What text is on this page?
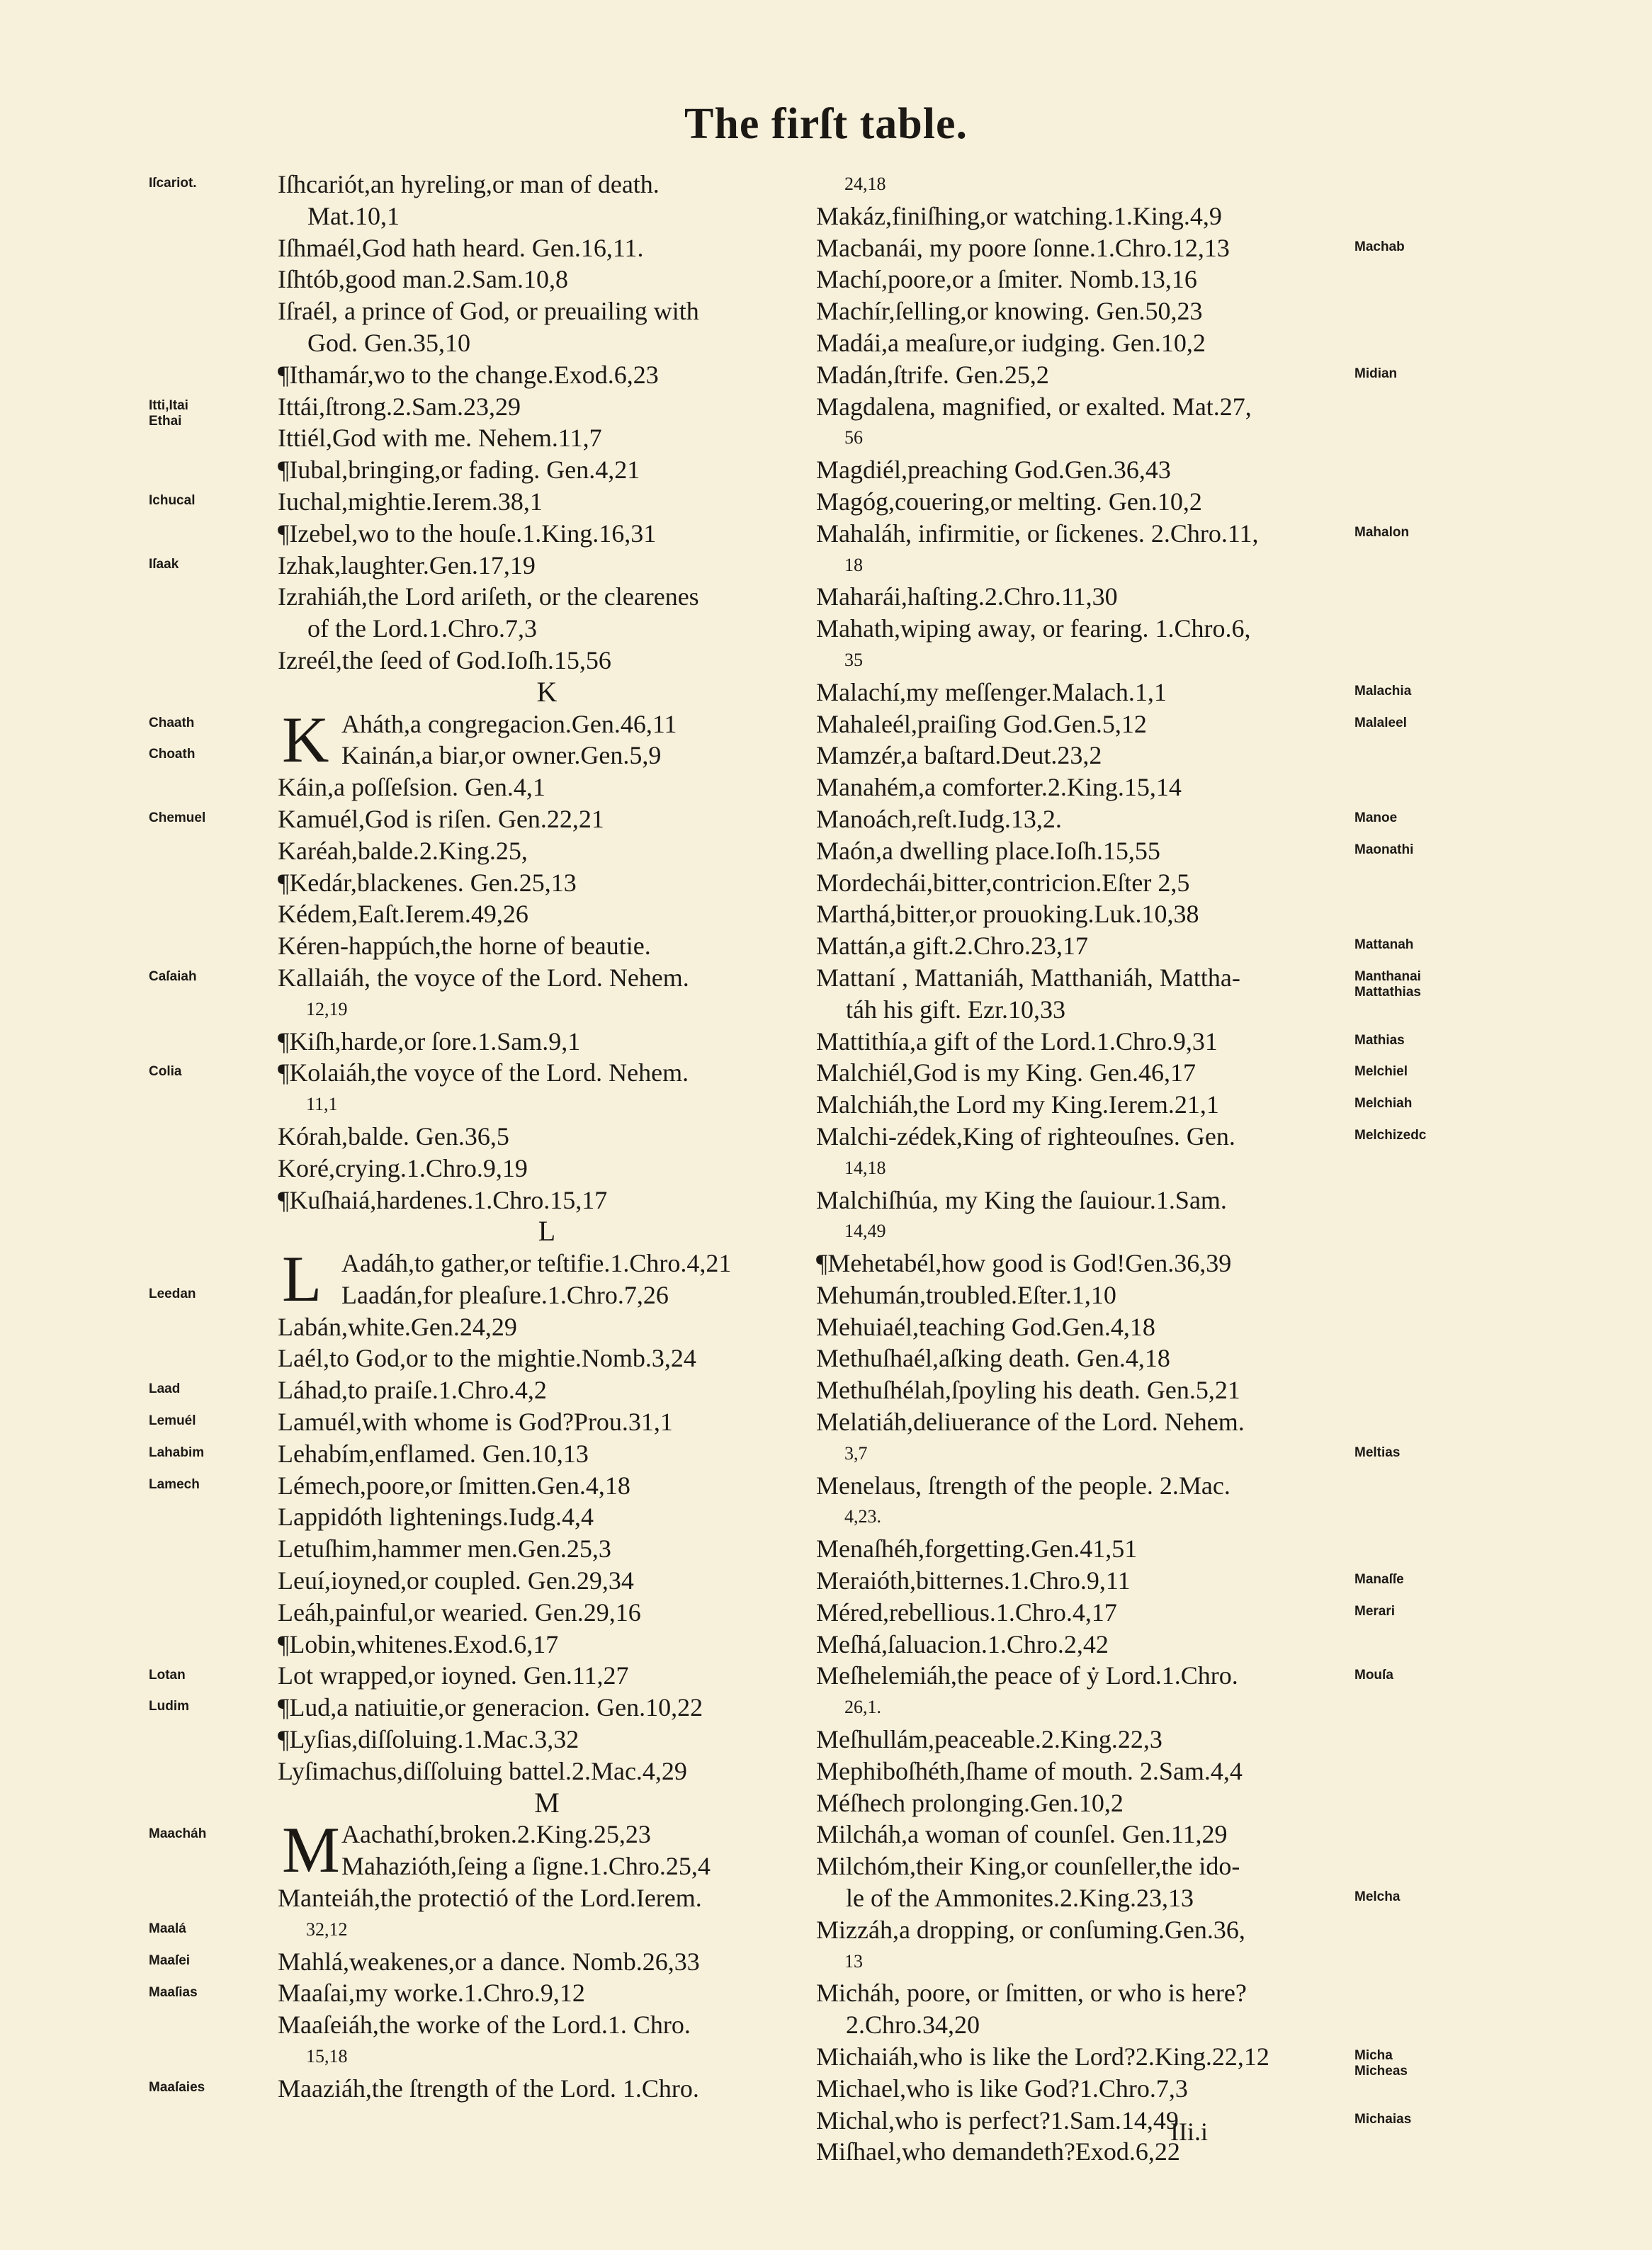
The firſt table.
Iſcariot.
Itti,Itai
Ethai
Ichucal
Iſaak
Chaath
Choath
Chemuel
Caſaiah
Colia
Leedan
Laad
Lemuél
Lahabim
Lamech
Lotan
Ludim
Maacháh
Maalá
Maaſei
Maaſias
Maaſaies
Iſhcariót,an hyreling,or man of death.
Mat.10,1
Iſhmaél,God hath heard. Gen.16,11.
Iſhtób,good man.2.Sam.10,8
Iſraél, a prince of God, or preuailing with
God. Gen.35,10
¶Ithamár,wo to the change.Exod.6,23
Ittái,ſtrong.2.Sam.23,29
Ittiél,God with me. Nehem.11,7
¶Iubal,bringing,or fading. Gen.4,21
Iuchal,mightie.Ierem.38,1
¶Izebel,wo to the houſe.1.King.16,31
Izhak,laughter.Gen.17,19
Izrahiáh,the Lord ariſeth, or the clearenes
of the Lord.1.Chro.7,3
Izreél,the ſeed of God.Ioſh.15,56
K
K Aháth,a congregacion.Gen.46,11
Kainán,a biar,or owner.Gen.5,9
Káin,a poſſeſsion. Gen.4,1
Kamuél,God is riſen. Gen.22,21
Karéah,balde.2.King.25,
¶Kedár,blackenes. Gen.25,13
Kédem,Eaſt.Ierem.49,26
Kéren-happúch,the horne of beautie.
Kallaiáh, the voyce of the Lord. Nehem.
12,19
¶Kiſh,harde,or ſore.1.Sam.9,1
¶Kolaiáh,the voyce of the Lord. Nehem.
11,1
Kórah,balde. Gen.36,5
Koré,crying.1.Chro.9,19
¶Kuſhaiá,hardenes.1.Chro.15,17
L
L Aadáh,to gather,or teſtifie.1.Chro.4,21
Laadán,for pleaſure.1.Chro.7,26
Labán,white.Gen.24,29
Laél,to God,or to the mightie.Nomb.3,24
Láhad,to praiſe.1.Chro.4,2
Lamuél,with whome is God?Prou.31,1
Lehabím,enflamed. Gen.10,13
Lémech,poore,or ſmitten.Gen.4,18
Lappidóth lightenings.Iudg.4,4
Letuſhim,hammer men.Gen.25,3
Leuí,ioyned,or coupled. Gen.29,34
Leáh,painful,or wearied. Gen.29,16
¶Lobin,whitenes.Exod.6,17
Lot wrapped,or ioyned. Gen.11,27
¶Lud,a natiuitie,or generacion. Gen.10,22
¶Lyſias,diſſoluing.1.Mac.3,32
Lyſimachus,diſſoluing battel.2.Mac.4,29
M
M Aachathí,broken.2.King.25,23
Mahazióth,ſeing a ſigne.1.Chro.25,4
Manteiáh,the protectió of the Lord.Ierem.
32,12
Mahlá,weakenes,or a dance. Nomb.26,33
Maaſai,my worke.1.Chro.9,12
Maaſeiáh,the worke of the Lord.1. Chro.
15,18
Maaziáh,the ſtrength of the Lord. 1.Chro.
24,18
Makáz,finiſhing,or watching.1.King.4,9
Macbanái, my poore ſonne.1.Chro.12,13
Machí,poore,or a ſmiter. Nomb.13,16
Machír,ſelling,or knowing. Gen.50,23
Madái,a meaſure,or iudging. Gen.10,2
Madán,ſtrife. Gen.25,2
Magdalena, magnified, or exalted. Mat.27,
56
Magdiél,preaching God.Gen.36,43
Magóg,couering,or melting. Gen.10,2
Mahaláh, infirmitie, or ſickenes. 2.Chro.11,
18
Maharái,haſting.2.Chro.11,30
Mahath,wiping away, or fearing. 1.Chro.6,
35
Malachí,my meſſenger.Malach.1,1
Mahaleél,praiſing God.Gen.5,12
Mamzér,a baſtard.Deut.23,2
Manahém,a comforter.2.King.15,14
Manoách,reſt.Iudg.13,2.
Maón,a dwelling place.Ioſh.15,55
Mordechái,bitter,contricion.Eſter 2,5
Marthá,bitter,or prouoking.Luk.10,38
Mattán,a gift.2.Chro.23,17
Mattaní , Mattaniáh, Matthaniáh, Mattha-
táh his gift. Ezr.10,33
Mattithía,a gift of the Lord.1.Chro.9,31
Malchiél,God is my King. Gen.46,17
Malchiáh,the Lord my King.Ierem.21,1
Malchi-zédek,King of righteouſnes. Gen.
14,18
Malchiſhúa, my King the ſauiour.1.Sam.
14,49
¶Mehetabél,how good is God!Gen.36,39
Mehumán,troubled.Eſter.1,10
Mehuiaél,teaching God.Gen.4,18
Methuſhaél,aſking death. Gen.4,18
Methuſhélah,ſpoyling his death. Gen.5,21
Melatiáh,deliuerance of the Lord. Nehem.
3,7
Menelaus, ſtrength of the people. 2.Mac.
4,23.
Menaſhéh,forgetting.Gen.41,51
Meraióth,bitternes.1.Chro.9,11
Méred,rebellious.1.Chro.4,17
Meſhá,ſaluacion.1.Chro.2,42
Meſhelemiáh,the peace of ẏ Lord.1.Chro.
26,1.
Meſhullám,peaceable.2.King.22,3
Mephiboſhéth,ſhame of mouth. 2.Sam.4,4
Méſhech prolonging.Gen.10,2
Milcháh,a woman of counſel. Gen.11,29
Milchóm,their King,or counſeller,the ido-
le of the Ammonites.2.King.23,13
Mizzáh,a dropping, or conſuming.Gen.36,
13
Micháh, poore, or ſmitten, or who is here?
2.Chro.34,20
Michaiáh,who is like the Lord?2.King.22,12
Michael,who is like God?1.Chro.7,3
Michal,who is perfect?1.Sam.14,49
Miſhael,who demandeth?Exod.6,22
Machab
Midian
Mahalon
Malachia
Malaleel
Manoe
Maonathi
Mattanah
Manthanai
Mattathias
Mathias
Melchiel
Melchiah
Melchizedc
Meltias
Manaſſe
Merari
Mouſa
Melcha
Micha
Micheas
Michaias
IIi.i
